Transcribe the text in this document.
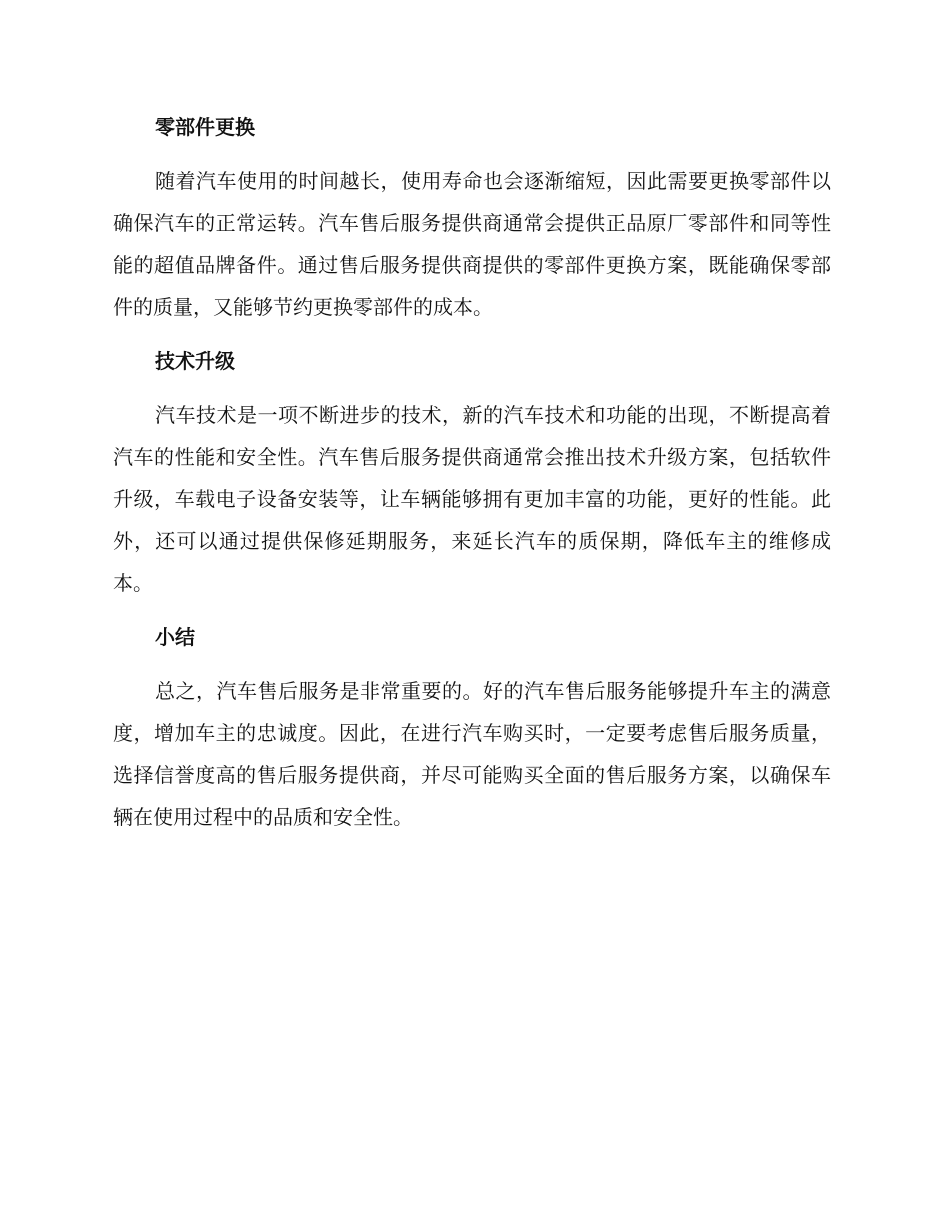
零部件更换

随着汽车使用的时间越长，使用寿命也会逐渐缩短，因此需要更换零部件以确保汽车的正常运转。汽车售后服务提供商通常会提供正品原厂零部件和同等性能的超值品牌备件。通过售后服务提供商提供的零部件更换方案，既能确保零部件的质量，又能够节约更换零部件的成本。

技术升级

汽车技术是一项不断进步的技术，新的汽车技术和功能的出现，不断提高着汽车的性能和安全性。汽车售后服务提供商通常会推出技术升级方案，包括软件升级，车载电子设备安装等，让车辆能够拥有更加丰富的功能，更好的性能。此外，还可以通过提供保修延期服务，来延长汽车的质保期，降低车主的维修成本。

小结

总之，汽车售后服务是非常重要的。好的汽车售后服务能够提升车主的满意度，增加车主的忠诚度。因此，在进行汽车购买时，一定要考虑售后服务质量，选择信誉度高的售后服务提供商，并尽可能购买全面的售后服务方案，以确保车辆在使用过程中的品质和安全性。
